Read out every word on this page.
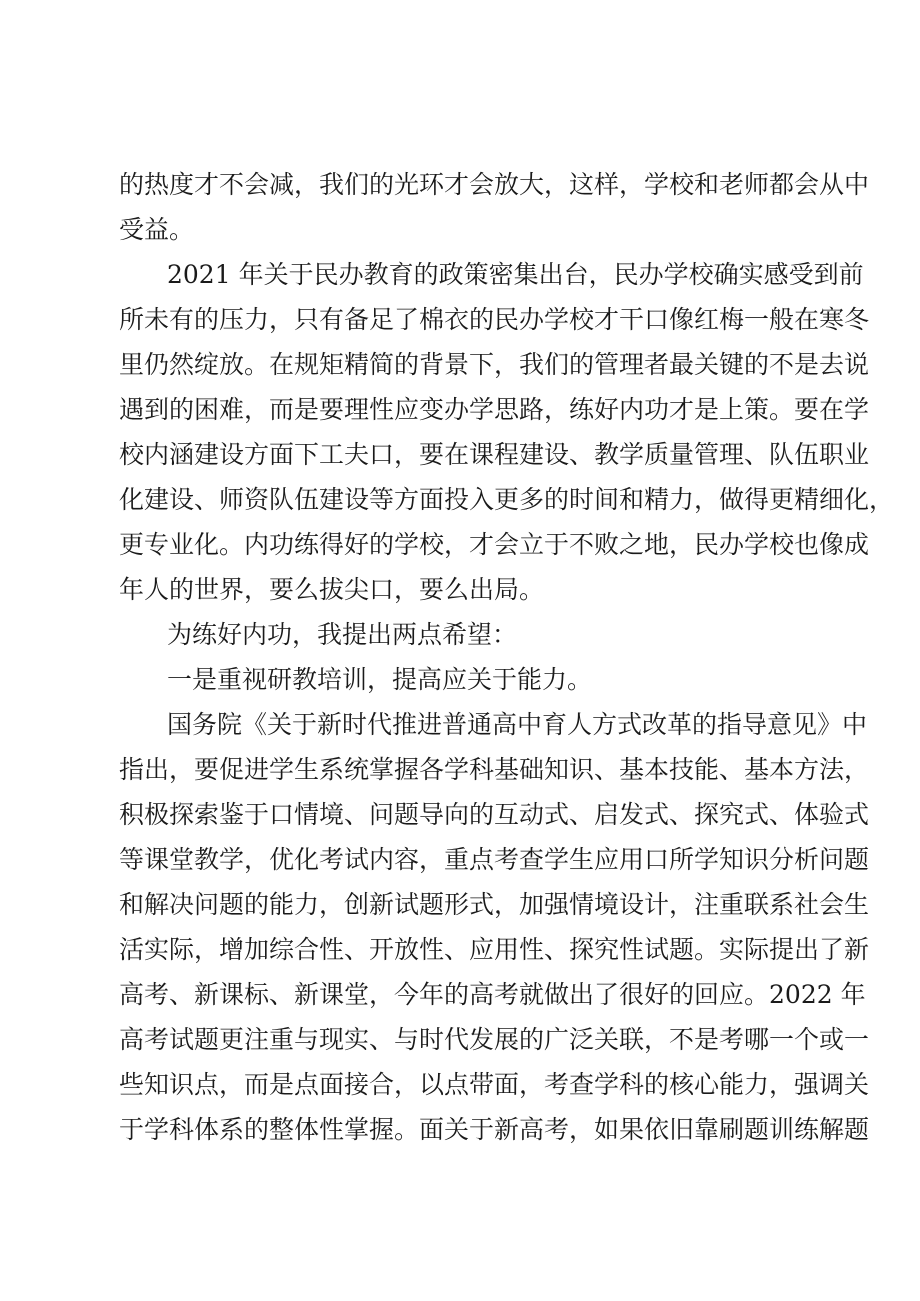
的热度才不会减，我们的光环才会放大，这样，学校和老师都会从中
受益。
2021 年关于民办教育的政策密集出台，民办学校确实感受到前
所未有的压力，只有备足了棉衣的民办学校才干口像红梅一般在寒冬
里仍然绽放。在规矩精简的背景下，我们的管理者最关键的不是去说
遇到的困难，而是要理性应变办学思路，练好内功才是上策。要在学
校内涵建设方面下工夫口，要在课程建设、教学质量管理、队伍职业
化建设、师资队伍建设等方面投入更多的时间和精力，做得更精细化，
更专业化。内功练得好的学校，才会立于不败之地，民办学校也像成
年人的世界，要么拔尖口，要么出局。
为练好内功，我提出两点希望：
一是重视研教培训，提高应关于能力。
国务院《关于新时代推进普通高中育人方式改革的指导意见》中
指出，要促进学生系统掌握各学科基础知识、基本技能、基本方法，
积极探索鉴于口情境、问题导向的互动式、启发式、探究式、体验式
等课堂教学，优化考试内容，重点考查学生应用口所学知识分析问题
和解决问题的能力，创新试题形式，加强情境设计，注重联系社会生
活实际，增加综合性、开放性、应用性、探究性试题。实际提出了新
高考、新课标、新课堂，今年的高考就做出了很好的回应。2022 年
高考试题更注重与现实、与时代发展的广泛关联，不是考哪一个或一
些知识点，而是点面接合，以点带面，考查学科的核心能力，强调关
于学科体系的整体性掌握。面关于新高考，如果依旧靠刷题训练解题
